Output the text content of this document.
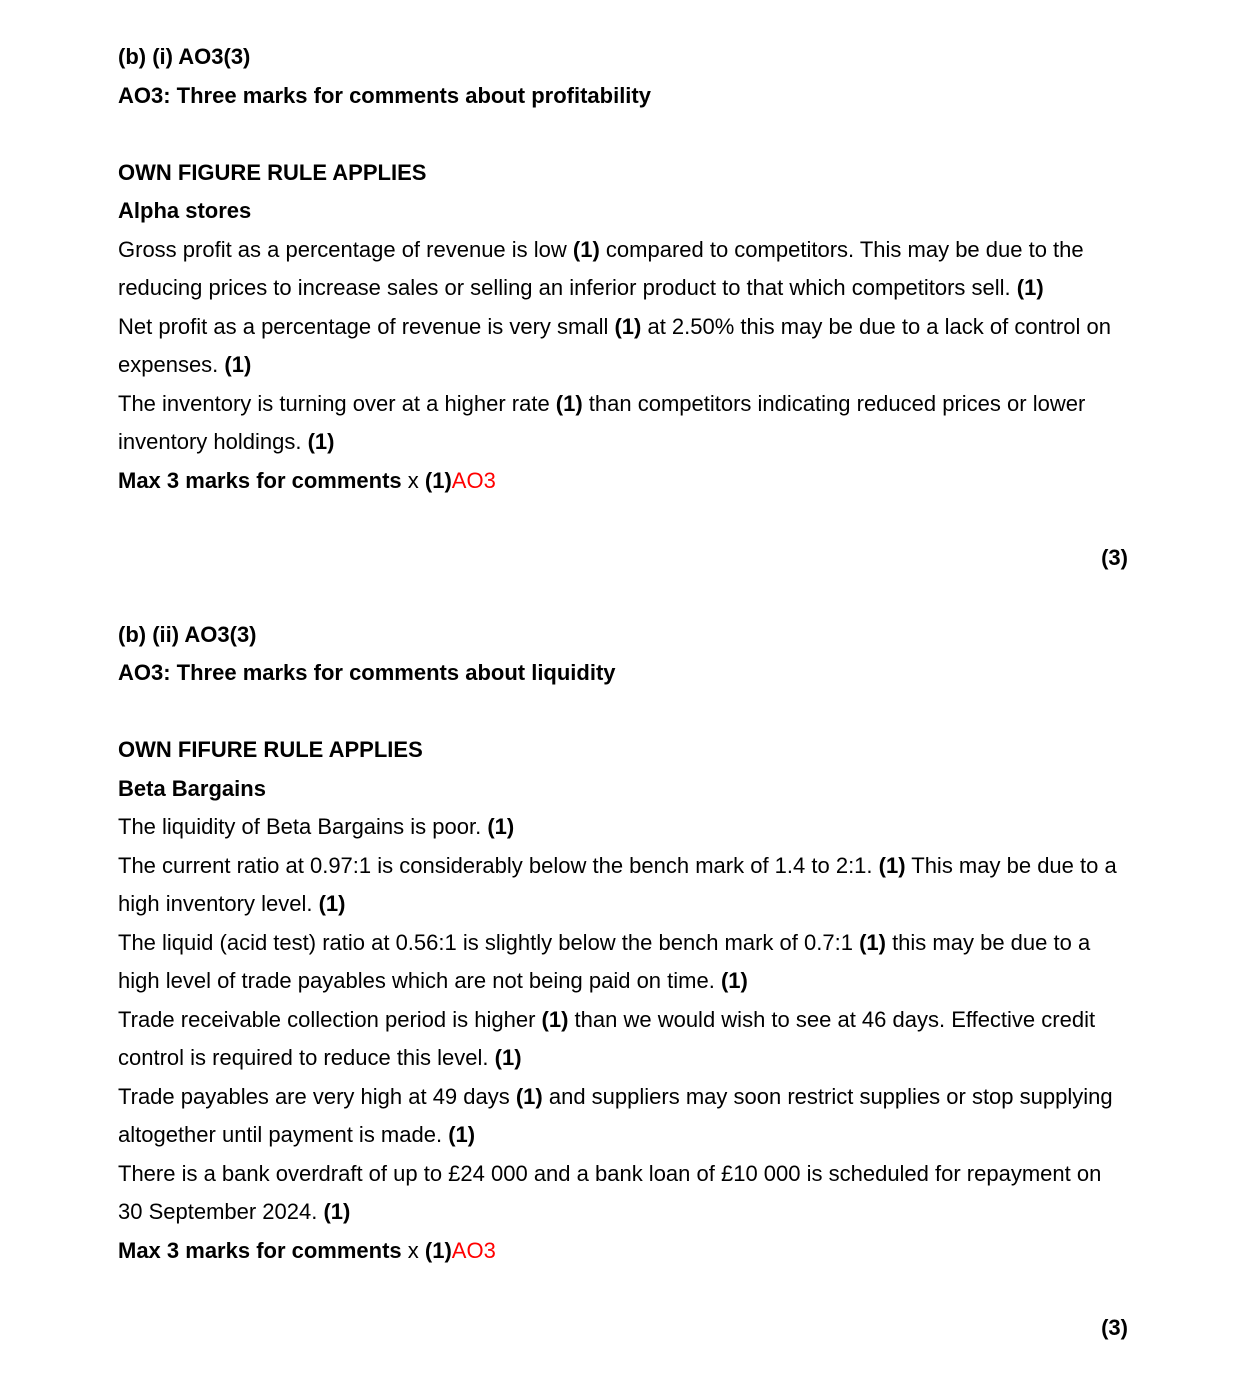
(b) (i) AO3(3)

AO3: Three marks for comments about profitability

OWN FIGURE RULE APPLIES

Alpha stores

Gross profit as a percentage of revenue is low (1) compared to competitors. This may be due to the reducing prices to increase sales or selling an inferior product to that which competitors sell. (1)

Net profit as a percentage of revenue is very small (1) at 2.50% this may be due to a lack of control on expenses. (1)

The inventory is turning over at a higher rate (1) than competitors indicating reduced prices or lower inventory holdings. (1)

Max 3 marks for comments x (1)AO3

(3)

(b) (ii) AO3(3)

AO3: Three marks for comments about liquidity

OWN FIFURE RULE APPLIES

Beta Bargains

The liquidity of Beta Bargains is poor. (1)

The current ratio at 0.97:1 is considerably below the bench mark of 1.4 to 2:1. (1) This may be due to a high inventory level. (1)

The liquid (acid test) ratio at 0.56:1 is slightly below the bench mark of 0.7:1 (1) this may be due to a high level of trade payables which are not being paid on time. (1)

Trade receivable collection period is higher (1) than we would wish to see at 46 days. Effective credit control is required to reduce this level. (1)

Trade payables are very high at 49 days (1) and suppliers may soon restrict supplies or stop supplying altogether until payment is made. (1)

There is a bank overdraft of up to £24 000 and a bank loan of £10 000 is scheduled for repayment on 30 September 2024. (1)

Max 3 marks for comments x (1)AO3

(3)
